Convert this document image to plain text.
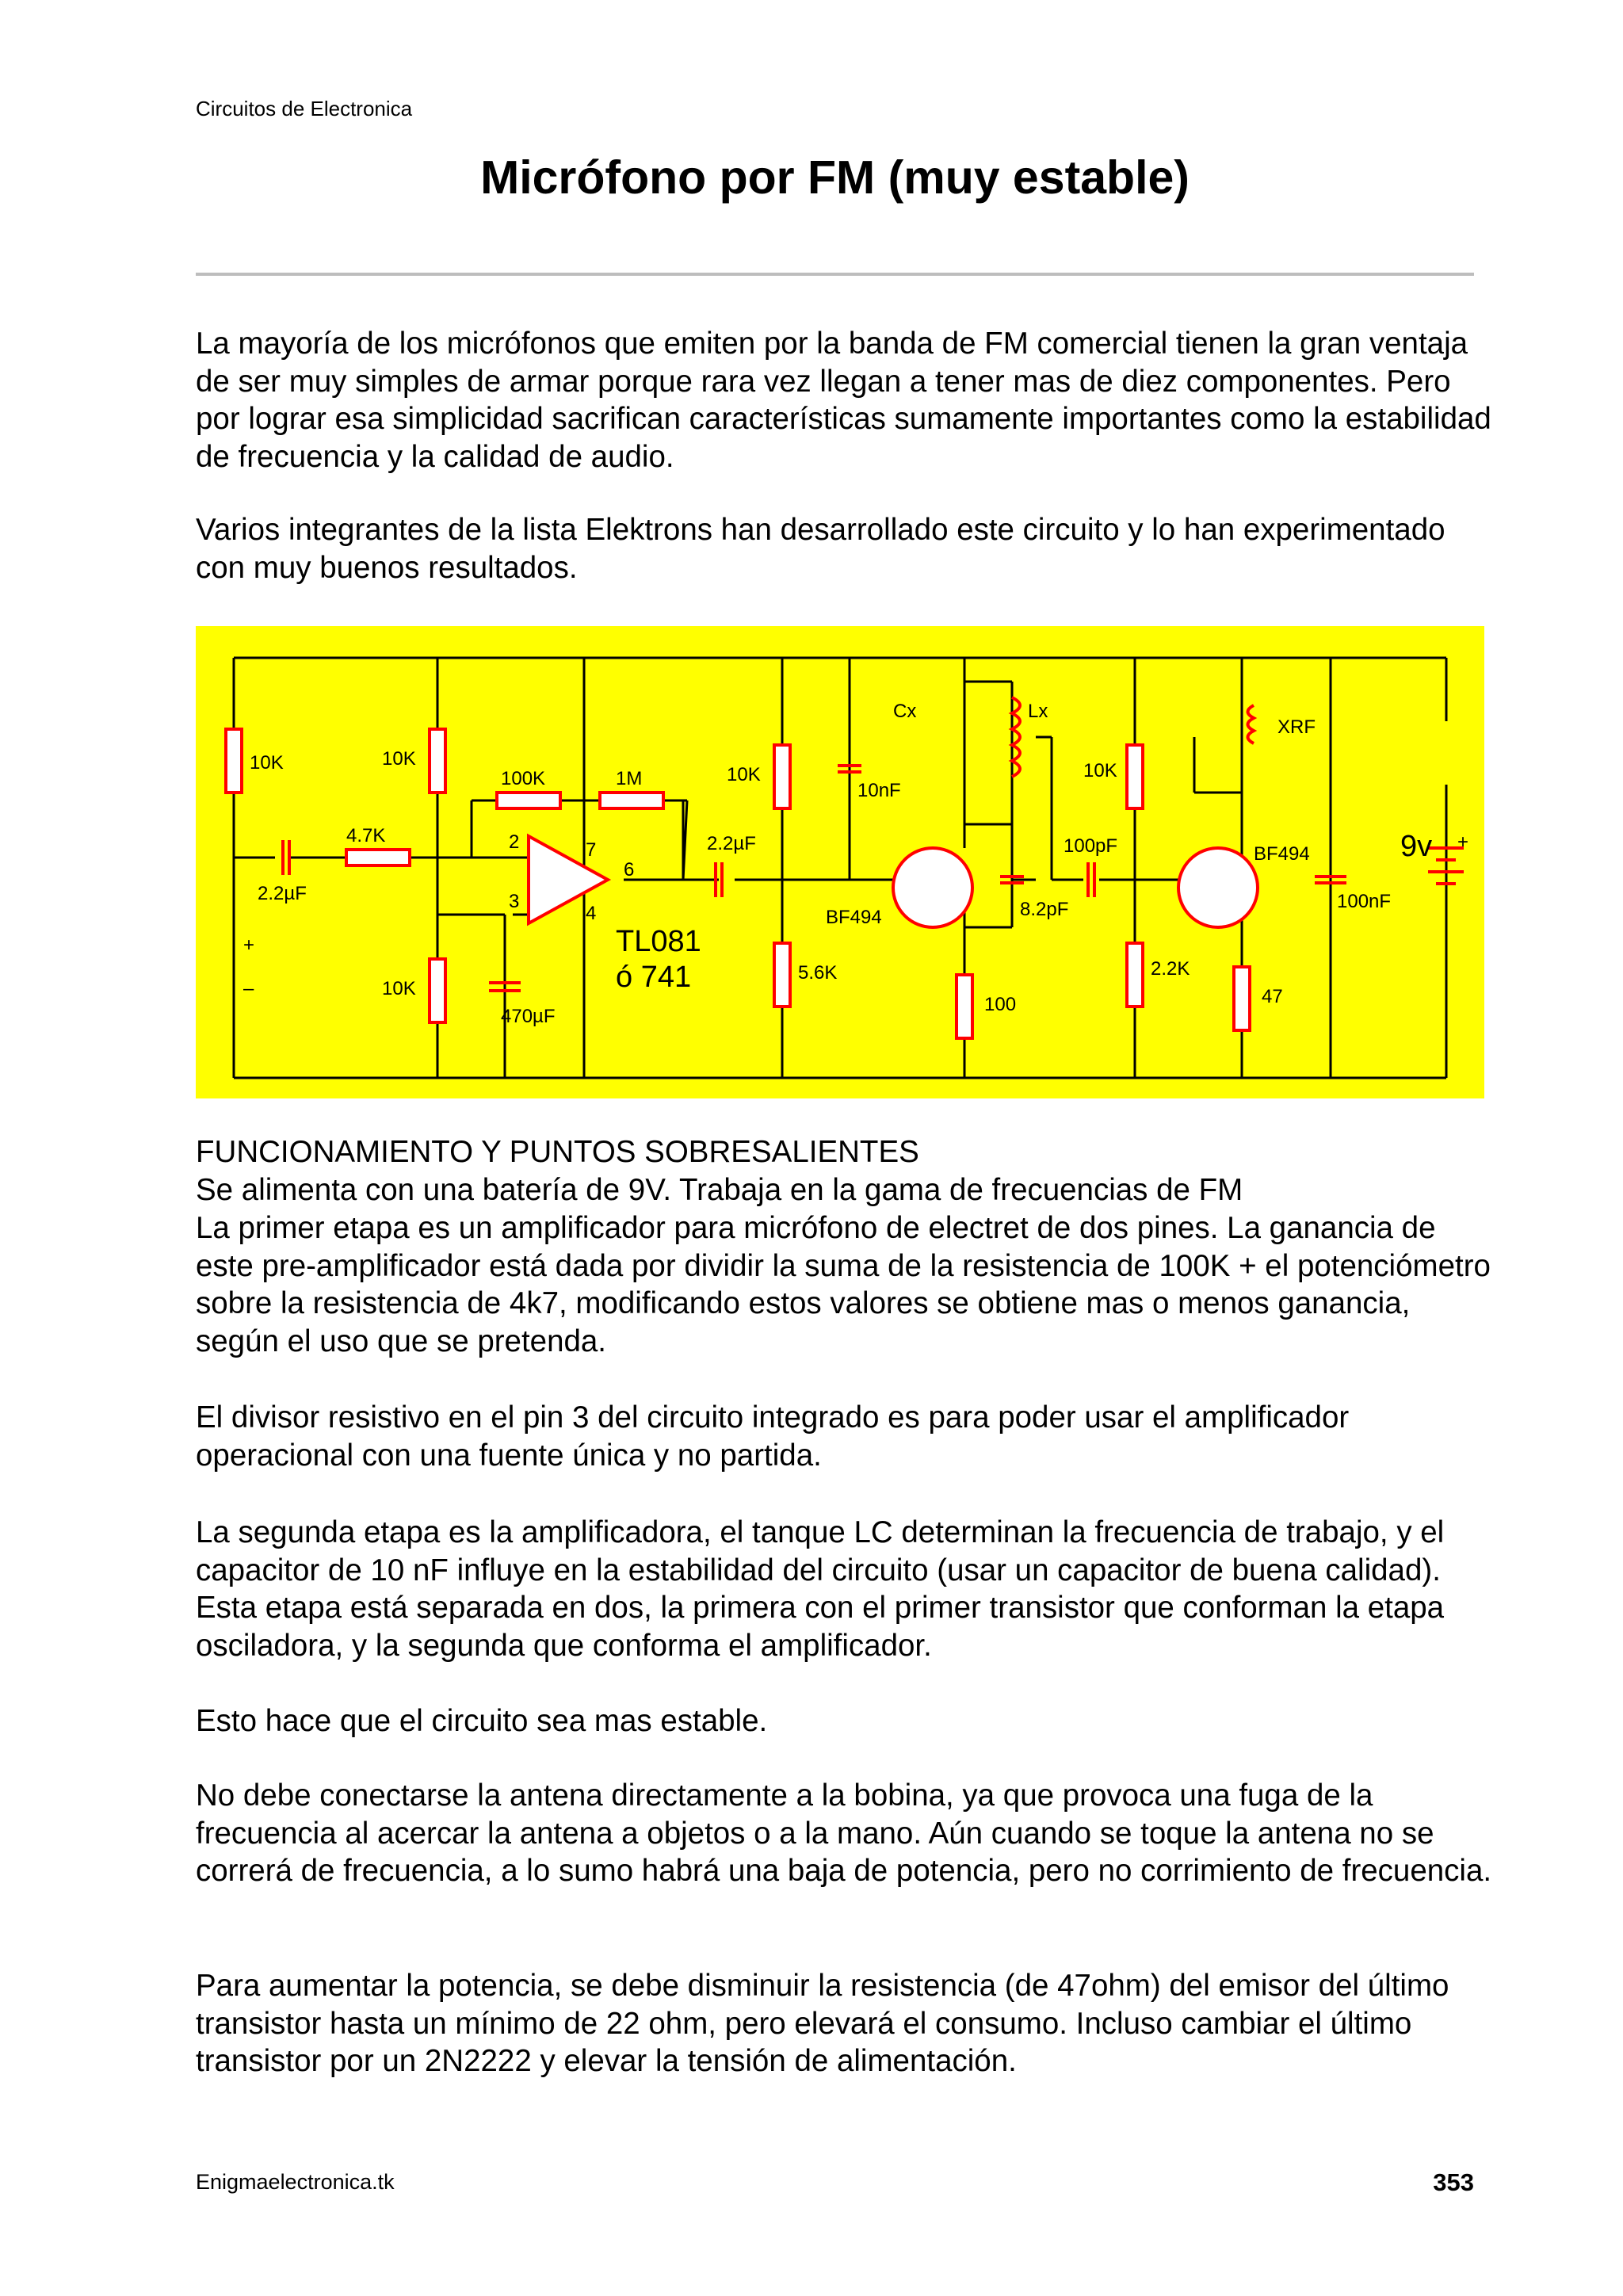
Circuitos de Electronica
Micrófono por FM (muy estable)
La mayoría de los micrófonos que emiten por la banda de FM comercial tienen la gran ventaja de ser muy simples de armar porque rara vez llegan a tener mas de diez componentes. Pero por lograr esa simplicidad sacrifican características sumamente importantes como la estabilidad de frecuencia y la calidad de audio.
Varios integrantes de la lista Elektrons han desarrollado este circuito y lo han experimentado con muy buenos resultados.
10K	10K
10K
4.7K
100K	1M	10K
5.6K
10K
2.2K
100	47
2.2µF
470µF
2.2µF
10nF
8.2pF
100pF
100nF
Cx	Lx
XRF
BF494
BF494	9v
TL081
ó 741
2
3
4
6
7
+
–
+
FUNCIONAMIENTO Y PUNTOS SOBRESALIENTES
Se alimenta con una batería de 9V. Trabaja en la gama de frecuencias de FM
La primer etapa es un amplificador para micrófono de electret de dos pines. La ganancia de este pre-amplificador está dada por dividir la suma de la resistencia de 100K + el potenciómetro sobre la resistencia de 4k7, modificando estos valores se obtiene mas o menos ganancia, según el uso que se pretenda.
El divisor resistivo en el pin 3 del circuito integrado es para poder usar el amplificador operacional con una fuente única y no partida.
La segunda etapa es la amplificadora, el tanque LC determinan la frecuencia de trabajo, y el capacitor de 10 nF influye en la estabilidad del circuito (usar un capacitor de buena calidad). Esta etapa está separada en dos, la primera con el primer transistor que conforman la etapa osciladora, y la segunda que conforma el amplificador.
Esto hace que el circuito sea mas estable.
No debe conectarse la antena directamente a la bobina, ya que provoca una fuga de la frecuencia al acercar la antena a objetos o a la mano. Aún cuando se toque la antena no se correrá de frecuencia, a lo sumo habrá una baja de potencia, pero no corrimiento de frecuencia.
Para aumentar la potencia, se debe disminuir la resistencia (de 47ohm) del emisor del último transistor hasta un mínimo de 22 ohm, pero elevará el consumo. Incluso cambiar el último transistor por un 2N2222 y elevar la tensión de alimentación.
Enigmaelectronica.tk	353
